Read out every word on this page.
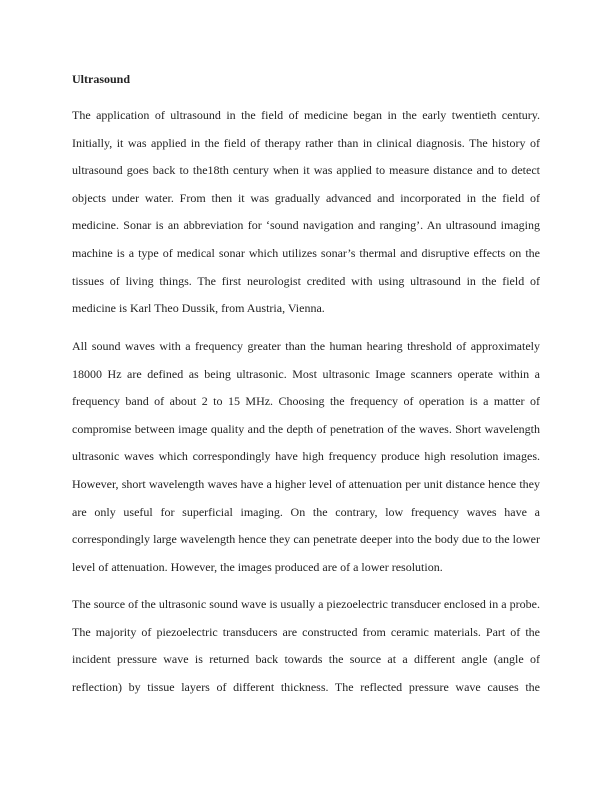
Ultrasound
The application of ultrasound in the field of medicine began in the early twentieth century.
Initially, it was applied in the field of therapy rather than in clinical diagnosis. The history of
ultrasound goes back to the18th century when it was applied to measure distance and to detect
objects under water. From then it was gradually advanced and incorporated in the field of
medicine. Sonar is an abbreviation for ‘sound navigation and ranging’. An ultrasound imaging
machine is a type of medical sonar which utilizes sonar’s thermal and disruptive effects on the
tissues of living things. The first neurologist credited with using ultrasound in the field of
medicine is Karl Theo Dussik, from Austria, Vienna.
All sound waves with a frequency greater than the human hearing threshold of approximately
18000 Hz are defined as being ultrasonic. Most ultrasonic Image scanners operate within a
frequency band of about 2 to 15 MHz. Choosing the frequency of operation is a matter of
compromise between image quality and the depth of penetration of the waves. Short wavelength
ultrasonic waves which correspondingly have high frequency produce high resolution images.
However, short wavelength waves have a higher level of attenuation per unit distance hence they
are only useful for superficial imaging. On the contrary, low frequency waves have a
correspondingly large wavelength hence they can penetrate deeper into the body due to the lower
level of attenuation. However, the images produced are of a lower resolution.
The source of the ultrasonic sound wave is usually a piezoelectric transducer enclosed in a probe.
The majority of piezoelectric transducers are constructed from ceramic materials. Part of the
incident pressure wave is returned back towards the source at a different angle (angle of
reflection) by tissue layers of different thickness. The reflected pressure wave causes the
